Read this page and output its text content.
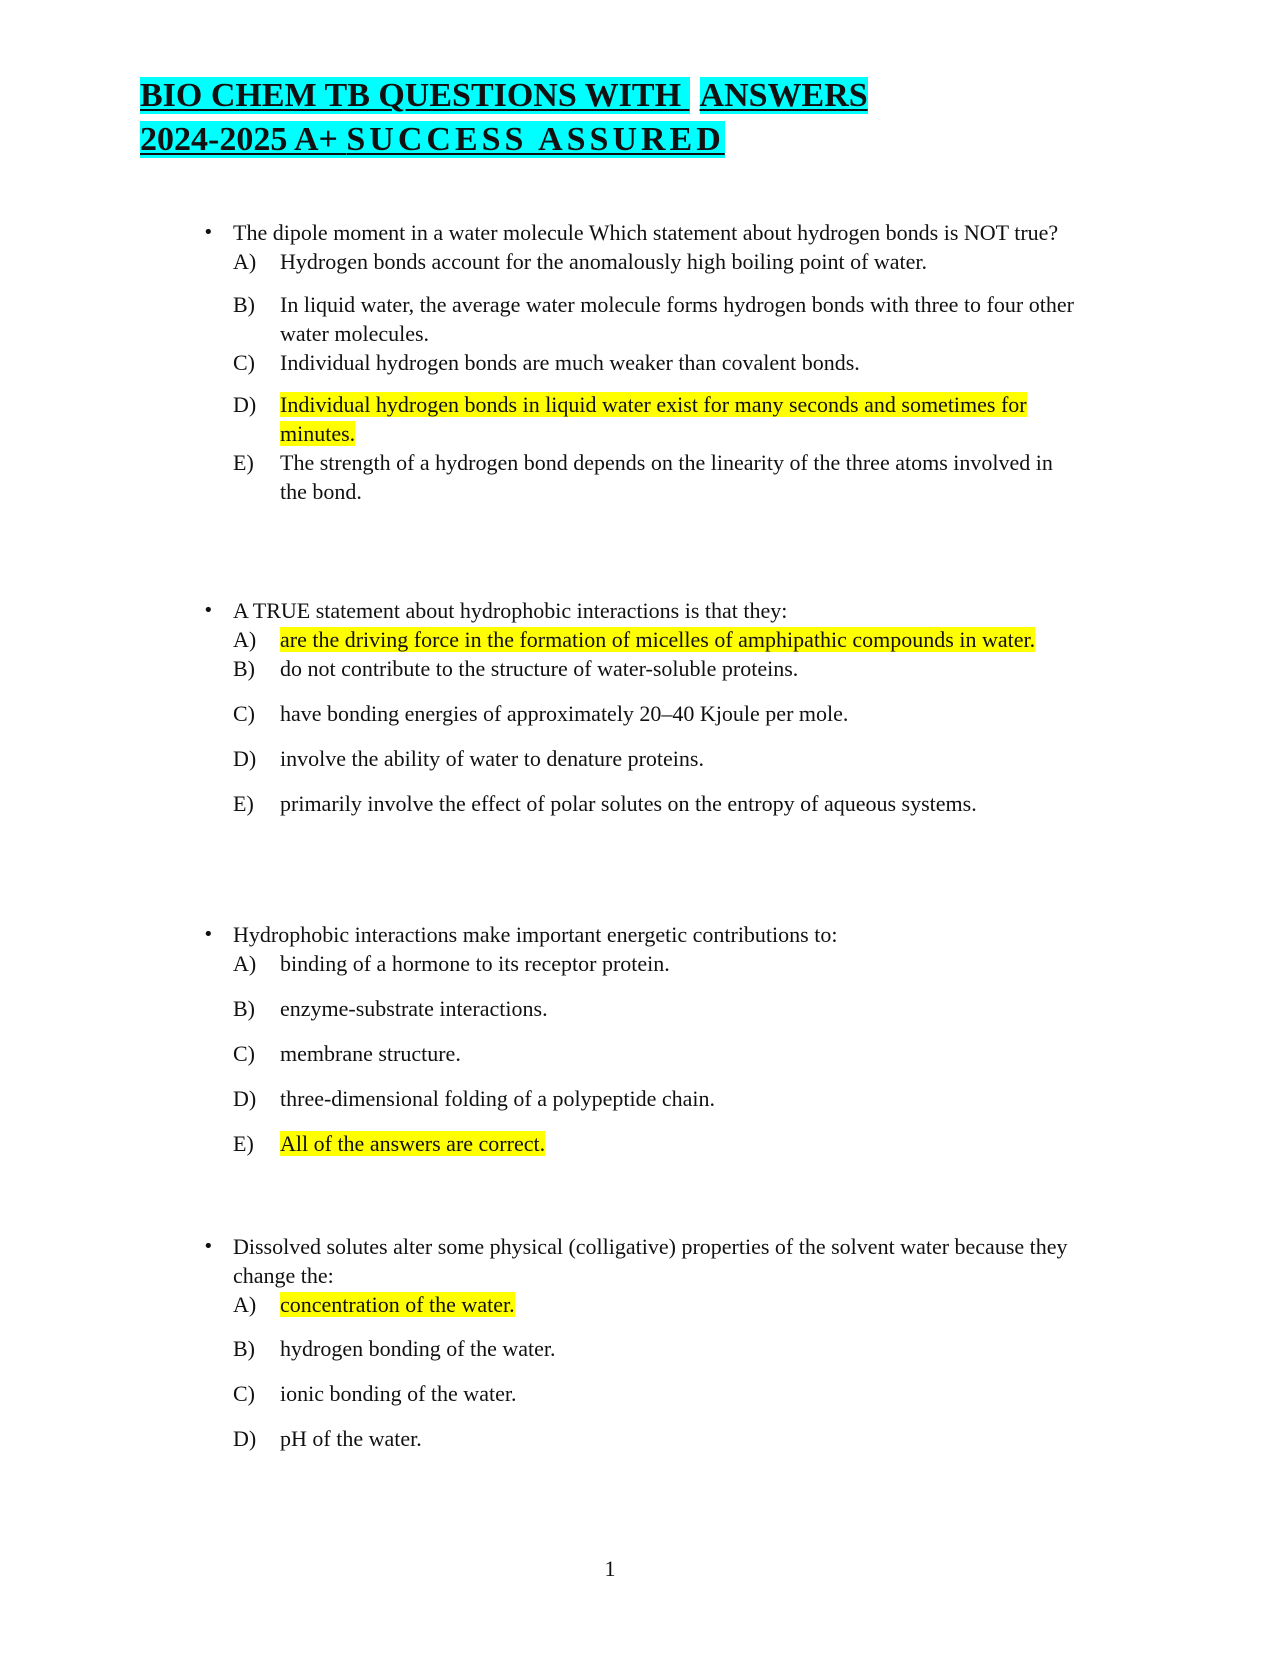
BIO CHEM TB QUESTIONS WITH ANSWERS
2024-2025 A+ SUCCESS ASSURED
• The dipole moment in a water molecule Which statement about hydrogen bonds is NOT true?
A) Hydrogen bonds account for the anomalously high boiling point of water.
B) In liquid water, the average water molecule forms hydrogen bonds with three to four other water molecules.
C) Individual hydrogen bonds are much weaker than covalent bonds.
D) Individual hydrogen bonds in liquid water exist for many seconds and sometimes for minutes.
E) The strength of a hydrogen bond depends on the linearity of the three atoms involved in the bond.
• A TRUE statement about hydrophobic interactions is that they:
A) are the driving force in the formation of micelles of amphipathic compounds in water.
B) do not contribute to the structure of water-soluble proteins.
C) have bonding energies of approximately 20–40 Kjoule per mole.
D) involve the ability of water to denature proteins.
E) primarily involve the effect of polar solutes on the entropy of aqueous systems.
• Hydrophobic interactions make important energetic contributions to:
A) binding of a hormone to its receptor protein.
B) enzyme-substrate interactions.
C) membrane structure.
D) three-dimensional folding of a polypeptide chain.
E) All of the answers are correct.
• Dissolved solutes alter some physical (colligative) properties of the solvent water because they change the:
A) concentration of the water.
B) hydrogen bonding of the water.
C) ionic bonding of the water.
D) pH of the water.
1
